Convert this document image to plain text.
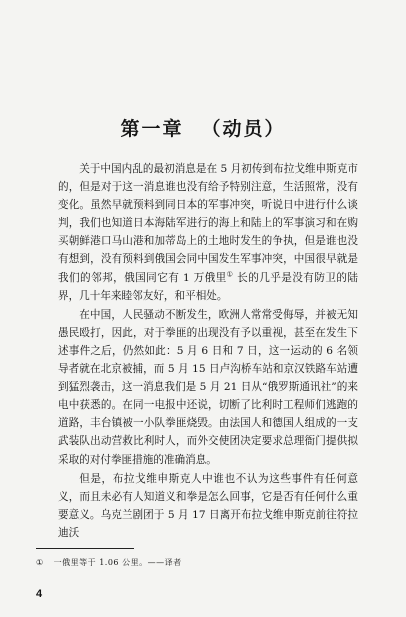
第一章 （动员）

关于中国内乱的最初消息是在 5 月初传到布拉戈维申斯克市的，但是对于这一消息谁也没有给予特别注意，生活照常，没有变化。虽然早就预料到同日本的军事冲突，听说日中进行什么谈判，我们也知道日本海陆军进行的海上和陆上的军事演习和在购买朝鲜港口马山港和加蒂岛上的土地时发生的争执，但是谁也没有想到，没有预料到俄国会同中国发生军事冲突，中国很早就是我们的邻邦，俄国同它有 1 万俄里① 长的几乎是没有防卫的陆界，几十年来睦邻友好，和平相处。

在中国，人民骚动不断发生，欧洲人常常受侮辱，并被无知愚民殴打，因此，对于拳匪的出现没有予以重视，甚至在发生下述事件之后，仍然如此：5 月 6 日和 7 日，这一运动的 6 名领导者就在北京被捕，而 5 月 15 日卢沟桥车站和京汉铁路车站遭到猛烈袭击，这一消息我们是 5 月 21 日从“俄罗斯通讯社”的来电中获悉的。在同一电报中还说，切断了比利时工程师们逃跑的道路，丰台镇被一小队拳匪烧毁。由法国人和德国人组成的一支武装队出动营救比利时人，而外交使团决定要求总理衙门提供拟采取的对付拳匪措施的准确消息。

但是，布拉戈维申斯克人中谁也不认为这些事件有任何意义，而且未必有人知道义和拳是怎么回事，它是否有任何什么重要意义。乌克兰剧团于 5 月 17 日离开布拉戈维申斯克前往符拉迪沃

① 一俄里等于 1.06 公里。——译者
4
